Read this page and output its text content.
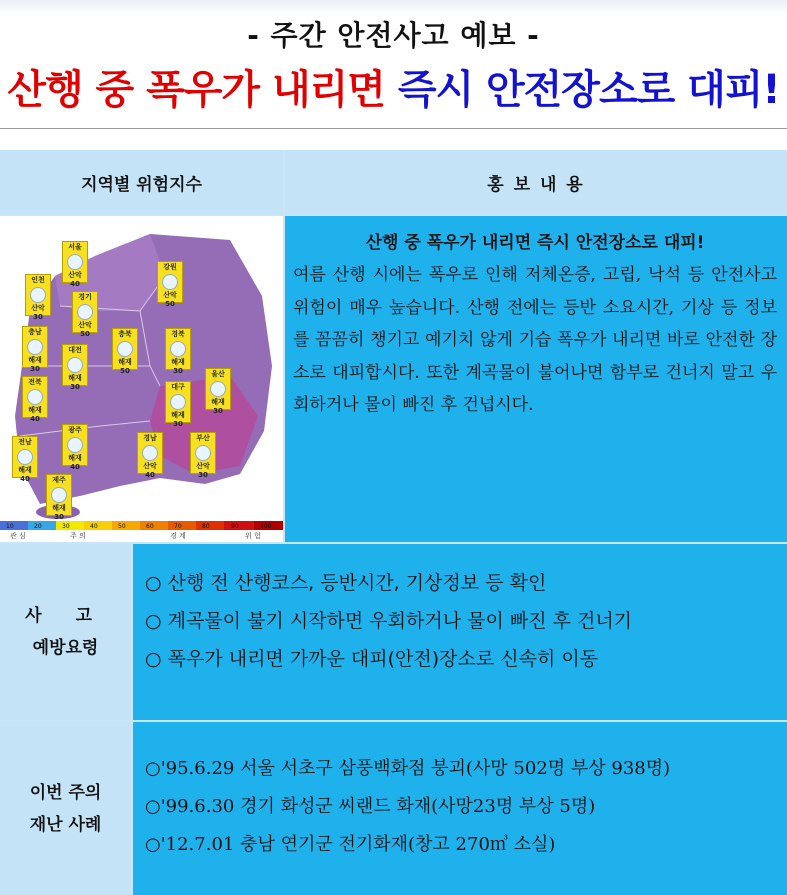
- 주간 안전사고 예보 -
산행 중 폭우가 내리면 즉시 안전장소로 대피!
지역별 위험지수	홍 보 내 용
서울
산악 40
강원
산악 50
인천
산악 30
경기
산악 50
충남
해재 30
충북
해재 50
경북
해재 30
대전
해재 30
울산
해재 30
전북
해재 40
대구
해재 30
전남
해재 40
광주
해재 40
경남
산악 40
부산
산악 30
제주
해재 30
10	20	30	40	50	60	70	80	90	100
관 심	주 의	경 계	위 험
산행 중 폭우가 내리면 즉시 안전장소로 대피!
여름 산행 시에는 폭우로 인해 저체온증, 고립, 낙석 등 안전사고 위험이 매우 높습니다. 산행 전에는 등반 소요시간, 기상 등 정보를 꼼꼼히 챙기고 예기치 않게 기습 폭우가 내리면 바로 안전한 장소로 대피합시다. 또한 계곡물이 불어나면 함부로 건너지 말고 우회하거나 물이 빠진 후 건넙시다.
사 고
예방요령
○ 산행 전 산행코스, 등반시간, 기상정보 등 확인
○ 계곡물이 불기 시작하면 우회하거나 물이 빠진 후 건너기
○ 폭우가 내리면 가까운 대피(안전)장소로 신속히 이동
이번 주의
재난 사례
○'95.6.29 서울 서초구 삼풍백화점 붕괴(사망 502명 부상 938명)
○'99.6.30 경기 화성군 씨랜드 화재(사망23명 부상 5명)
○'12.7.01 충남 연기군 전기화재(창고 270㎥ 소실)
